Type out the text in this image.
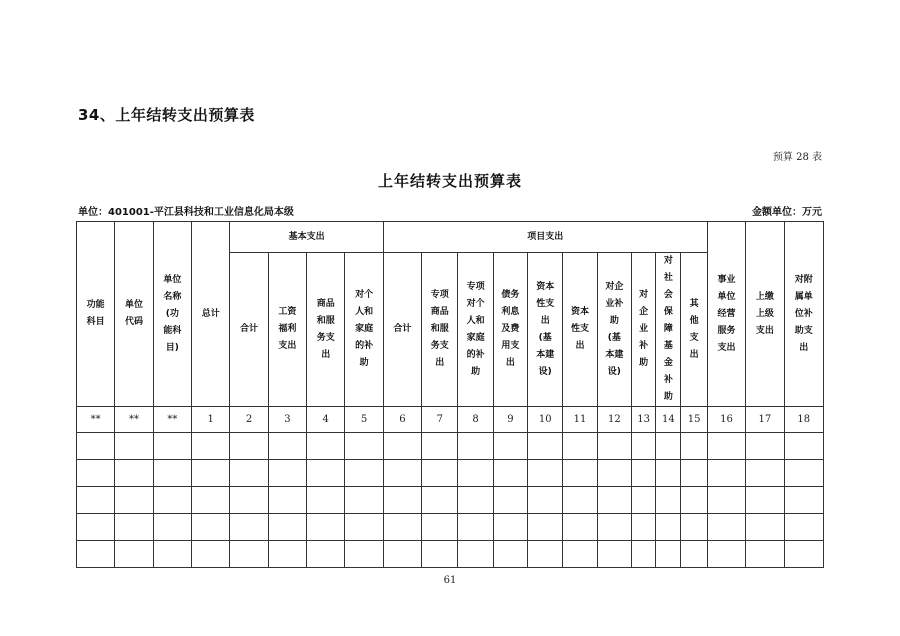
34、上年结转支出预算表
预算 28 表
上年结转支出预算表
单位：401001-平江县科技和工业信息化局本级	金额单位：万元
功能科目	单位代码	单位名称(功能科目)	总计	基本支出				项目支出										事业单位经营服务支出	上缴上级支出	对附属单位补助支出
				合计	工资福利支出	商品和服务支出	对个人和家庭的补助	合计	专项商品和服务支出	专项对个人和家庭的补助	债务利息及费用支出	资本性支出(基本建设)	资本性支出	对企业补助(基本建设)	对企业补助	对社会保障基金补助	其他支出			
**	**	**	1	2	3	4	5	6	7	8	9	10	11	12	13	14	15	16	17	18

61
